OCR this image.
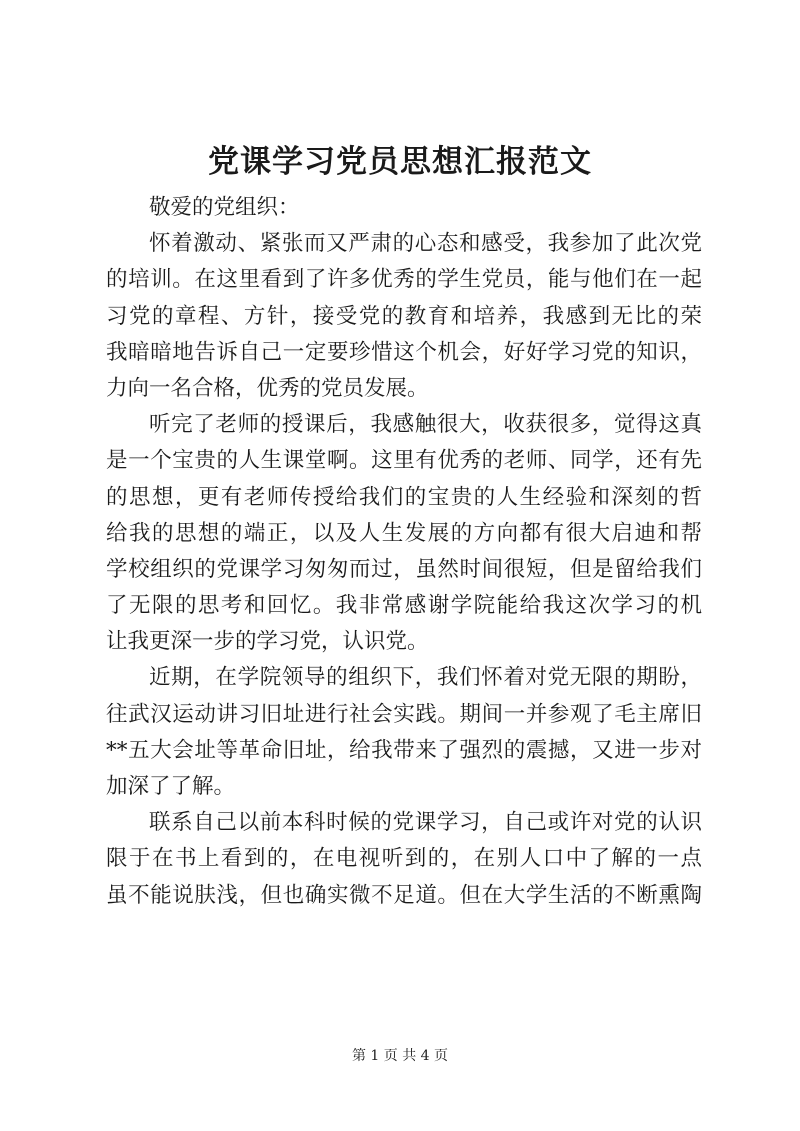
党课学习党员思想汇报范文
敬爱的党组织：
怀着激动、紧张而又严肃的心态和感受，我参加了此次党
的培训。在这里看到了许多优秀的学生党员，能与他们在一起
习党的章程、方针，接受党的教育和培养，我感到无比的荣
我暗暗地告诉自己一定要珍惜这个机会，好好学习党的知识，
力向一名合格，优秀的党员发展。
听完了老师的授课后，我感触很大，收获很多，觉得这真
是一个宝贵的人生课堂啊。这里有优秀的老师、同学，还有先
的思想，更有老师传授给我们的宝贵的人生经验和深刻的哲
给我的思想的端正，以及人生发展的方向都有很大启迪和帮
学校组织的党课学习匆匆而过，虽然时间很短，但是留给我们
了无限的思考和回忆。我非常感谢学院能给我这次学习的机
让我更深一步的学习党，认识党。
近期，在学院领导的组织下，我们怀着对党无限的期盼，
往武汉运动讲习旧址进行社会实践。期间一并参观了毛主席旧
**五大会址等革命旧址，给我带来了强烈的震撼，又进一步对
加深了了解。
联系自己以前本科时候的党课学习，自己或许对党的认识
限于在书上看到的，在电视听到的，在别人口中了解的一点
虽不能说肤浅，但也确实微不足道。但在大学生活的不断熏陶
第 1 页 共 4 页
